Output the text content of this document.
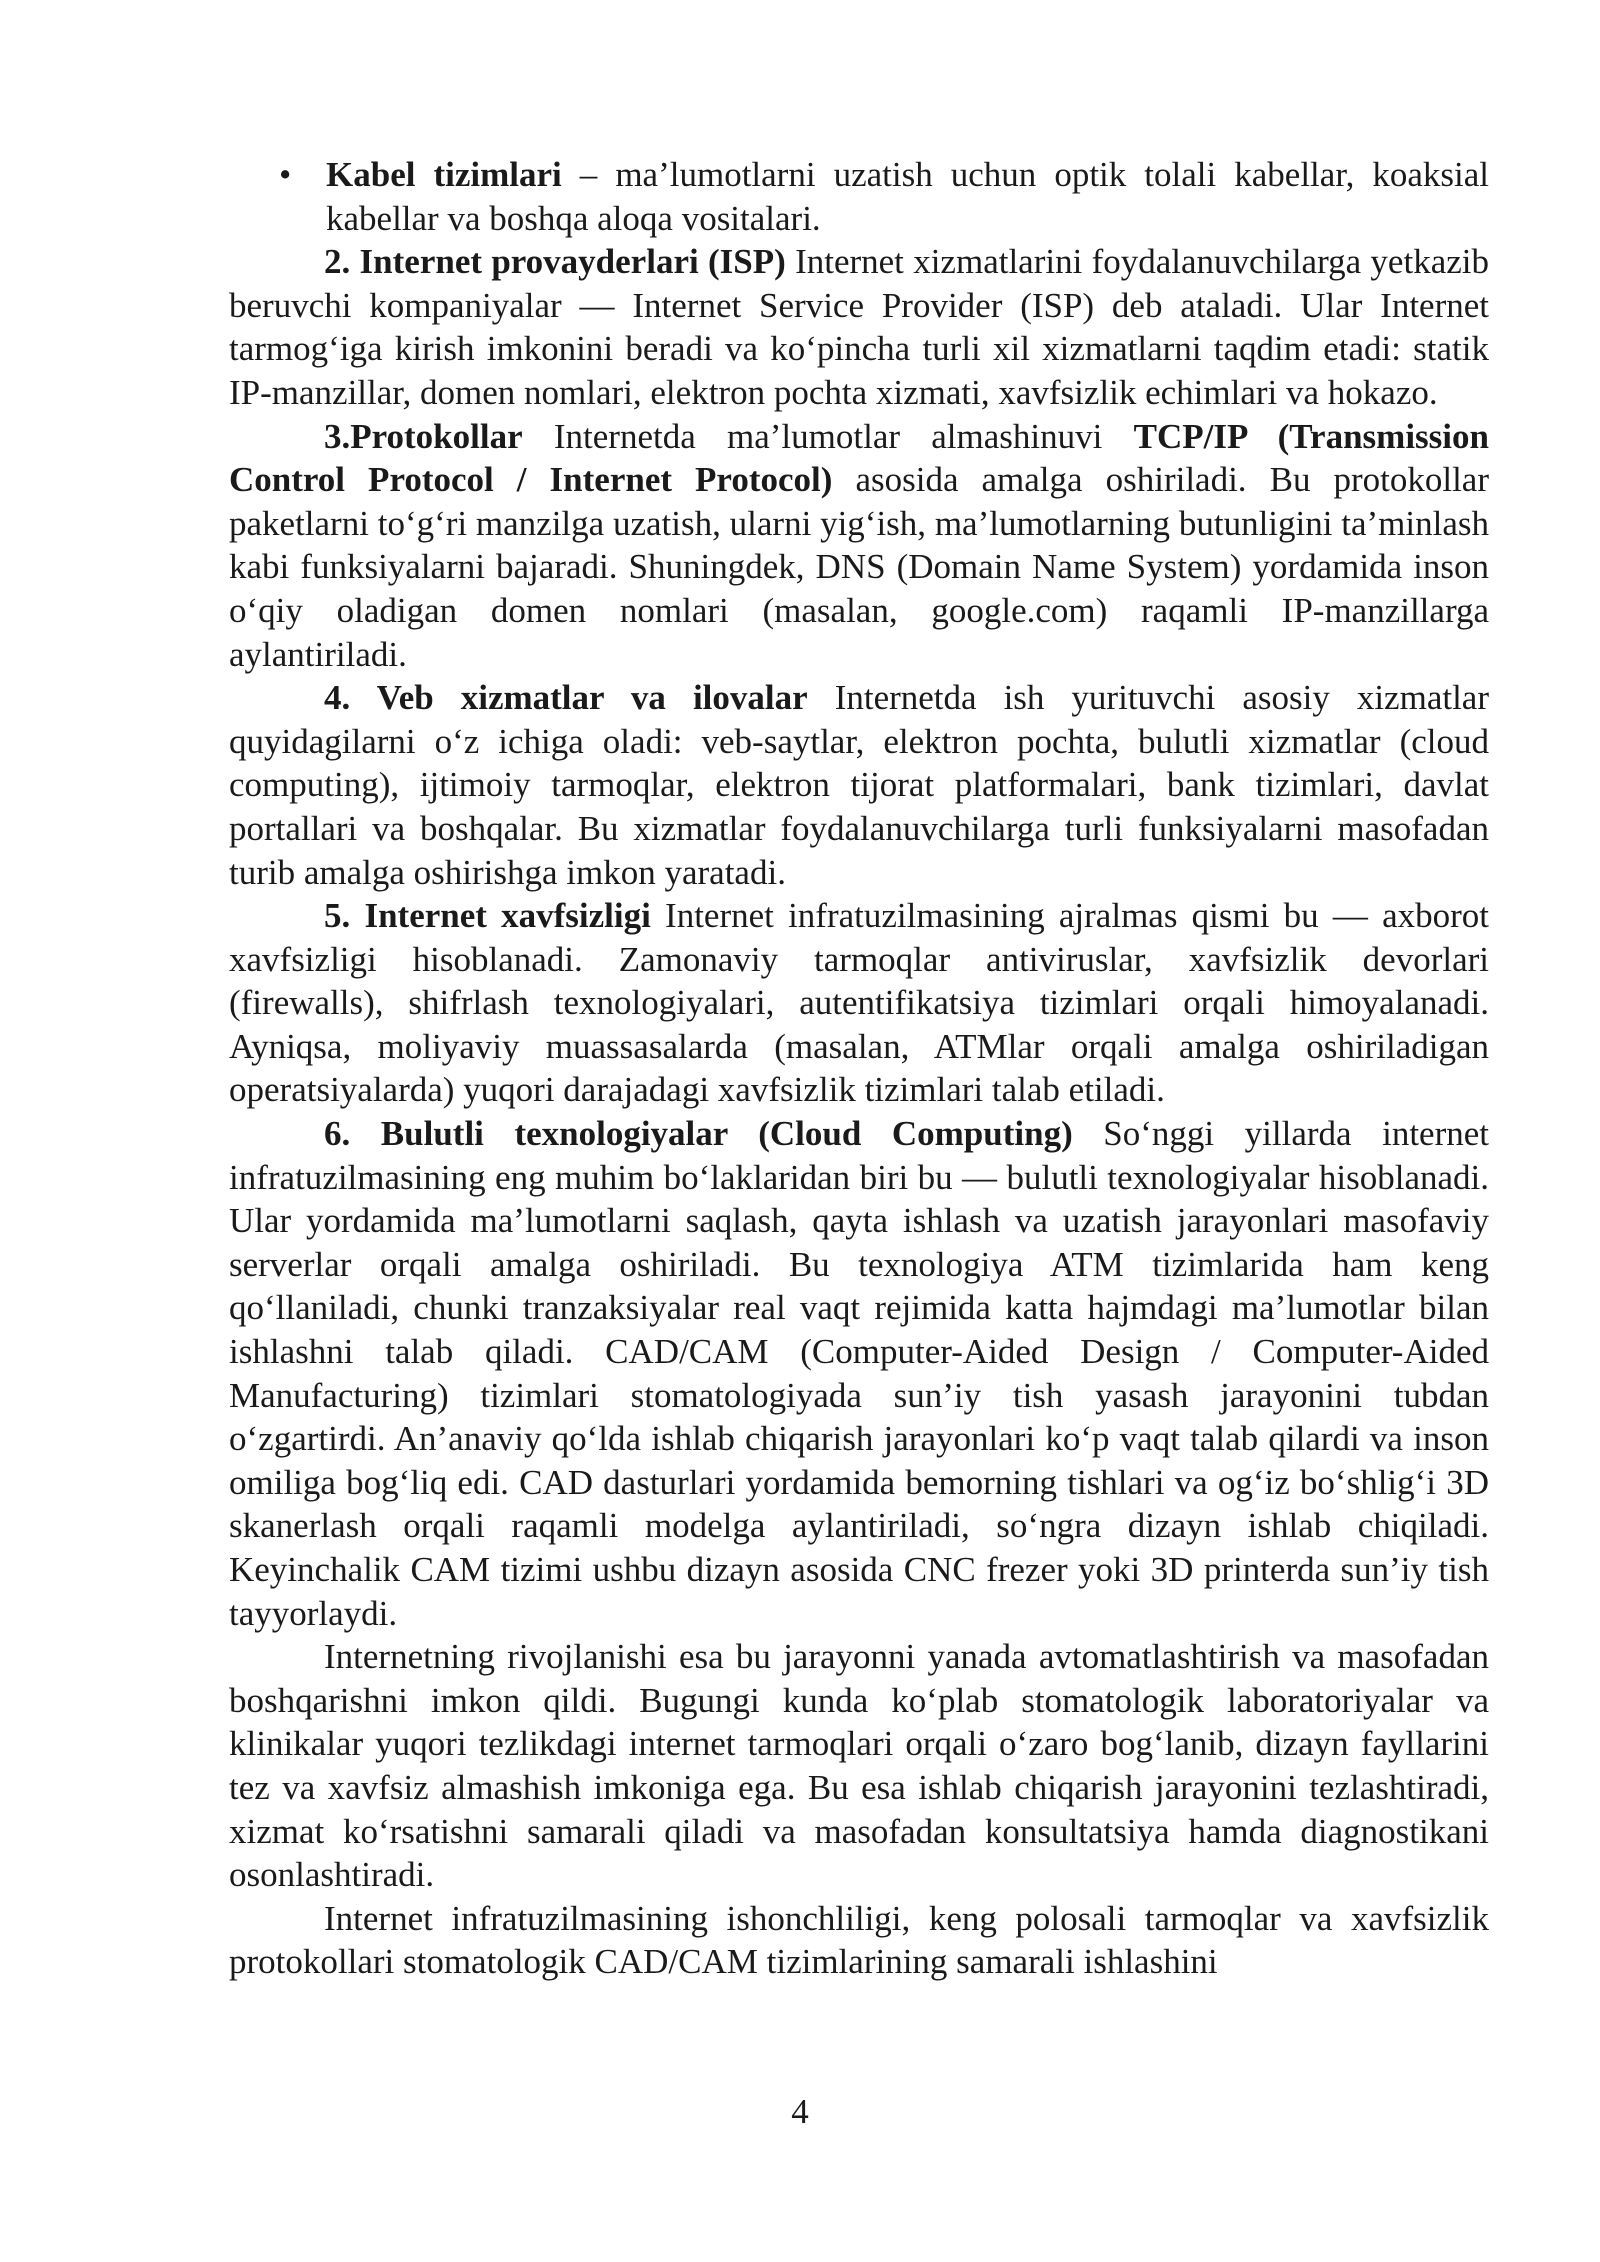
• Kabel tizimlari – ma’lumotlarni uzatish uchun optik tolali kabellar, koaksial kabellar va boshqa aloqa vositalari.

2. Internet provayderlari (ISP) Internet xizmatlarini foydalanuvchilarga yetkazib beruvchi kompaniyalar — Internet Service Provider (ISP) deb ataladi. Ular Internet tarmog‘iga kirish imkonini beradi va ko‘pincha turli xil xizmatlarni taqdim etadi: statik IP-manzillar, domen nomlari, elektron pochta xizmati, xavfsizlik echimlari va hokazo.

3.Protokollar Internetda ma’lumotlar almashinuvi TCP/IP (Transmission Control Protocol / Internet Protocol) asosida amalga oshiriladi. Bu protokollar paketlarni to‘g‘ri manzilga uzatish, ularni yig‘ish, ma’lumotlarning butunligini ta’minlash kabi funksiyalarni bajaradi. Shuningdek, DNS (Domain Name System) yordamida inson o‘qiy oladigan domen nomlari (masalan, google.com) raqamli IP-manzillarga aylantiriladi.

4. Veb xizmatlar va ilovalar Internetda ish yurituvchi asosiy xizmatlar quyidagilarni o‘z ichiga oladi: veb-saytlar, elektron pochta, bulutli xizmatlar (cloud computing), ijtimoiy tarmoqlar, elektron tijorat platformalari, bank tizimlari, davlat portallari va boshqalar. Bu xizmatlar foydalanuvchilarga turli funksiyalarni masofadan turib amalga oshirishga imkon yaratadi.

5. Internet xavfsizligi Internet infratuzilmasining ajralmas qismi bu — axborot xavfsizligi hisoblanadi. Zamonaviy tarmoqlar antiviruslar, xavfsizlik devorlari (firewalls), shifrlash texnologiyalari, autentifikatsiya tizimlari orqali himoyalanadi. Ayniqsa, moliyaviy muassasalarda (masalan, ATMlar orqali amalga oshiriladigan operatsiyalarda) yuqori darajadagi xavfsizlik tizimlari talab etiladi.

6. Bulutli texnologiyalar (Cloud Computing) So‘nggi yillarda internet infratuzilmasining eng muhim bo‘laklaridan biri bu — bulutli texnologiyalar hisoblanadi. Ular yordamida ma’lumotlarni saqlash, qayta ishlash va uzatish jarayonlari masofaviy serverlar orqali amalga oshiriladi. Bu texnologiya ATM tizimlarida ham keng qo‘llaniladi, chunki tranzaksiyalar real vaqt rejimida katta hajmdagi ma’lumotlar bilan ishlashni talab qiladi. CAD/CAM (Computer-Aided Design / Computer-Aided Manufacturing) tizimlari stomatologiyada sun’iy tish yasash jarayonini tubdan o‘zgartirdi. An’anaviy qo‘lda ishlab chiqarish jarayonlari ko‘p vaqt talab qilardi va inson omiliga bog‘liq edi. CAD dasturlari yordamida bemorning tishlari va og‘iz bo‘shlig‘i 3D skanerlash orqali raqamli modelga aylantiriladi, so‘ngra dizayn ishlab chiqiladi. Keyinchalik CAM tizimi ushbu dizayn asosida CNC frezer yoki 3D printerda sun’iy tish tayyorlaydi.

Internetning rivojlanishi esa bu jarayonni yanada avtomatlashtirish va masofadan boshqarishni imkon qildi. Bugungi kunda ko‘plab stomatologik laboratoriyalar va klinikalar yuqori tezlikdagi internet tarmoqlari orqali o‘zaro bog‘lanib, dizayn fayllarini tez va xavfsiz almashish imkoniga ega. Bu esa ishlab chiqarish jarayonini tezlashtiradi, xizmat ko‘rsatishni samarali qiladi va masofadan konsultatsiya hamda diagnostikani osonlashtiradi.

Internet infratuzilmasining ishonchliligi, keng polosali tarmoqlar va xavfsizlik protokollari stomatologik CAD/CAM tizimlarining samarali ishlashini

4
